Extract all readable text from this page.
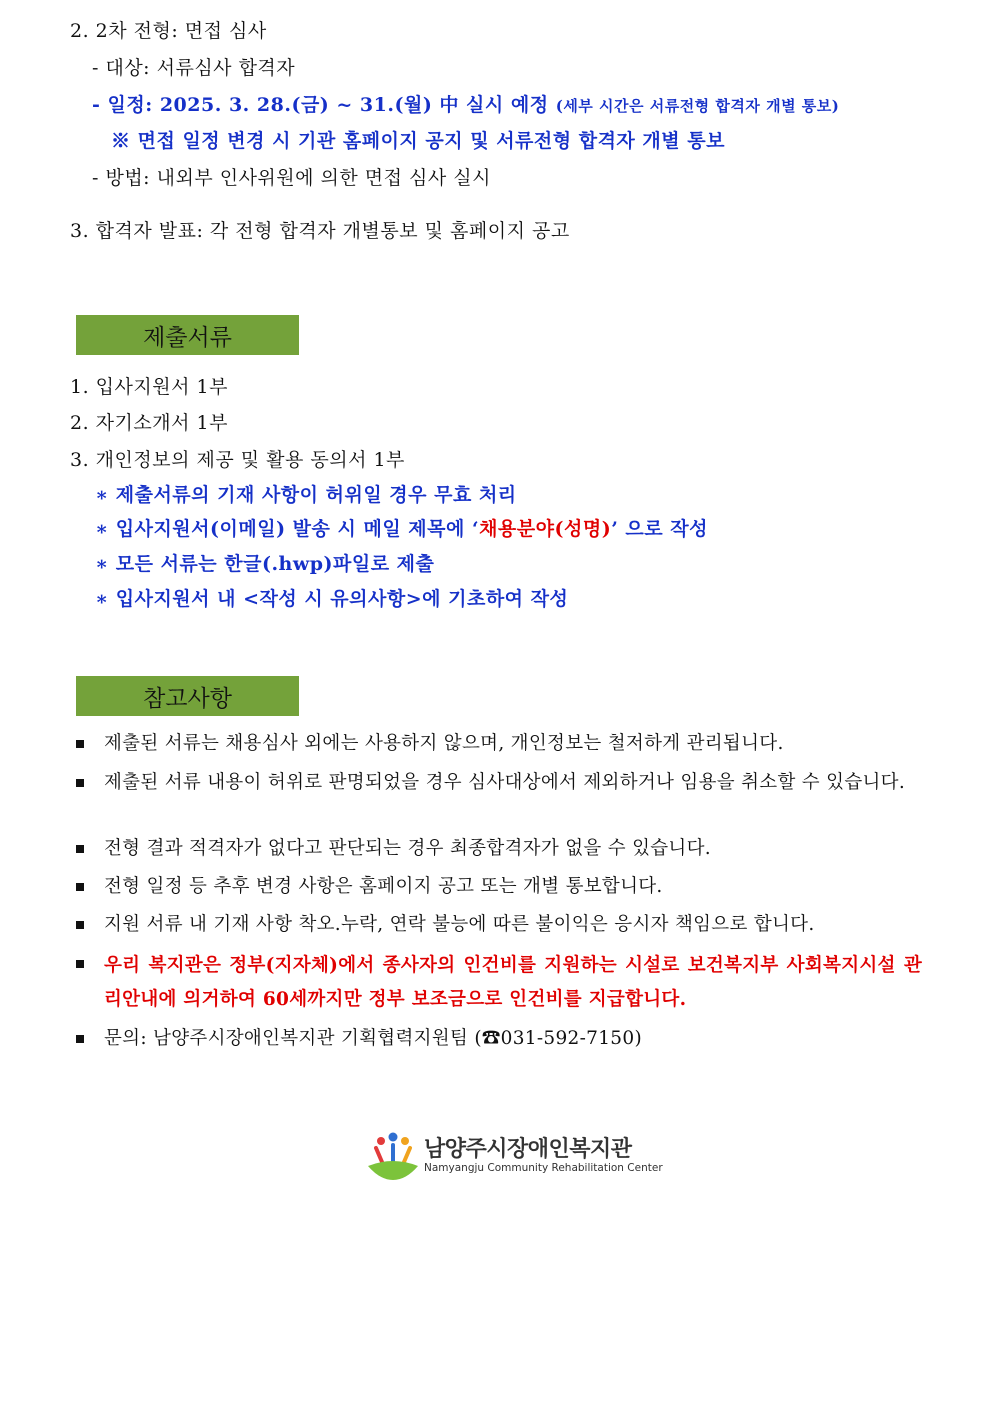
2. 2차 전형: 면접 심사
- 대상: 서류심사 합격자
- 일정: 2025. 3. 28.(금) ~ 31.(월) 中 실시 예정 (세부 시간은 서류전형 합격자 개별 통보)
※ 면접 일정 변경 시 기관 홈페이지 공지 및 서류전형 합격자 개별 통보
- 방법: 내외부 인사위원에 의한 면접 심사 실시
3. 합격자 발표: 각 전형 합격자 개별통보 및 홈페이지 공고
제출서류
1. 입사지원서 1부
2. 자기소개서 1부
3. 개인정보의 제공 및 활용 동의서 1부
∗ 제출서류의 기재 사항이 허위일 경우 무효 처리
∗ 입사지원서(이메일) 발송 시 메일 제목에 ‘채용분야(성명)’ 으로 작성
∗ 모든 서류는 한글(.hwp)파일로 제출
∗ 입사지원서 내 <작성 시 유의사항>에 기초하여 작성
참고사항
제출된 서류는 채용심사 외에는 사용하지 않으며, 개인정보는 철저하게 관리됩니다.
제출된 서류 내용이 허위로 판명되었을 경우 심사대상에서 제외하거나 임용을 취소할 수 있습니다.
전형 결과 적격자가 없다고 판단되는 경우 최종합격자가 없을 수 있습니다.
전형 일정 등 추후 변경 사항은 홈페이지 공고 또는 개별 통보합니다.
지원 서류 내 기재 사항 착오.누락, 연락 불능에 따른 불이익은 응시자 책임으로 합니다.
우리 복지관은 정부(지자체)에서 종사자의 인건비를 지원하는 시설로 보건복지부 사회복지시설 관리안내에 의거하여 60세까지만 정부 보조금으로 인건비를 지급합니다.
문의: 남양주시장애인복지관 기획협력지원팀 (☎031-592-7150)
남양주시장애인복지관
Namyangju Community Rehabilitation Center
